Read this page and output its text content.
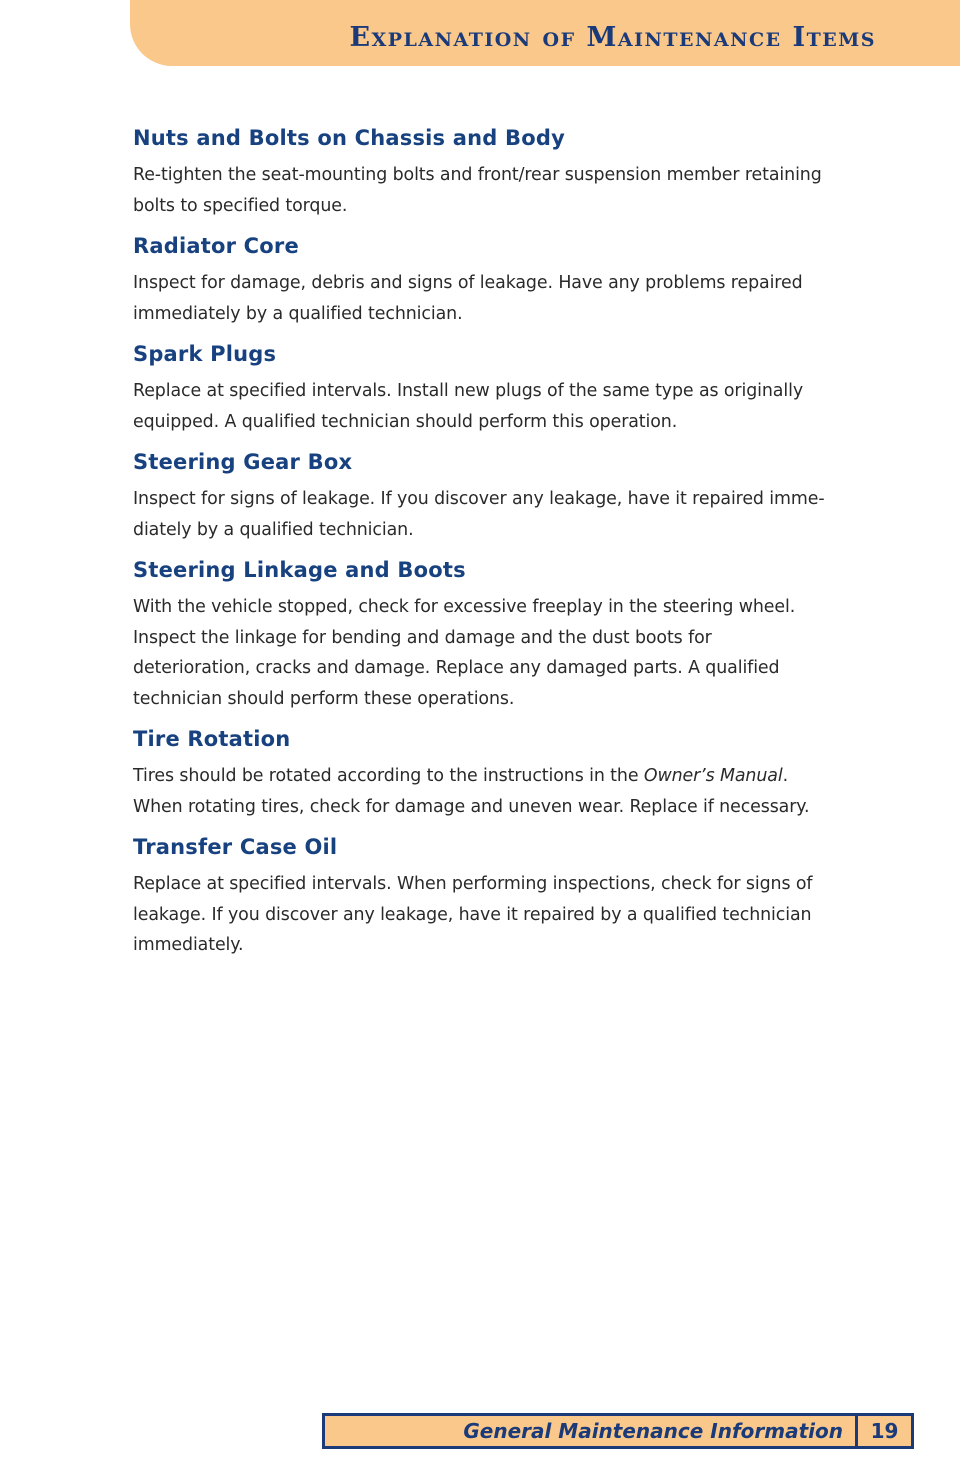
Explanation of Maintenance Items
Nuts and Bolts on Chassis and Body

Re-tighten the seat-mounting bolts and front/rear suspension member retaining bolts to specified torque.

Radiator Core

Inspect for damage, debris and signs of leakage. Have any problems repaired immediately by a qualified technician.

Spark Plugs

Replace at specified intervals. Install new plugs of the same type as originally equipped. A qualified technician should perform this operation.

Steering Gear Box

Inspect for signs of leakage. If you discover any leakage, have it repaired imme-diately by a qualified technician.

Steering Linkage and Boots

With the vehicle stopped, check for excessive freeplay in the steering wheel. Inspect the linkage for bending and damage and the dust boots for deterioration, cracks and damage. Replace any damaged parts. A qualified technician should perform these operations.

Tire Rotation

Tires should be rotated according to the instructions in the Owner’s Manual. When rotating tires, check for damage and uneven wear. Replace if necessary.

Transfer Case Oil

Replace at specified intervals. When performing inspections, check for signs of leakage. If you discover any leakage, have it repaired by a qualified technician immediately.

General Maintenance Information	19
